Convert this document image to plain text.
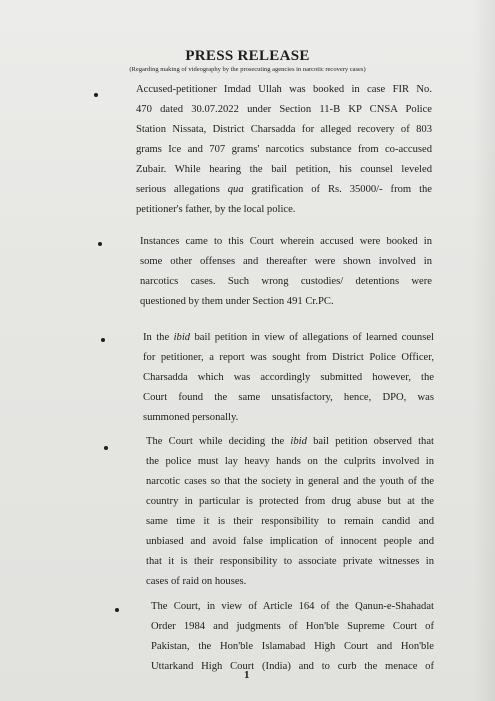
PRESS RELEASE
(Regarding making of videography by the prosecuting agencies in narcotic recovery cases)
Accused-petitioner Imdad Ullah was booked in case FIR No.
470 dated 30.07.2022 under Section 11-B KP CNSA Police
Station Nissata, District Charsadda for alleged recovery of 803
grams Ice and 707 grams' narcotics substance from co-accused
Zubair. While hearing the bail petition, his counsel leveled
serious allegations qua gratification of Rs. 35000/- from the
petitioner's father, by the local police.
Instances came to this Court wherein accused were booked in
some other offenses and thereafter were shown involved in
narcotics cases. Such wrong custodies/ detentions were
questioned by them under Section 491 Cr.PC.
In the ibid bail petition in view of allegations of learned counsel
for petitioner, a report was sought from District Police Officer,
Charsadda which was accordingly submitted however, the
Court found the same unsatisfactory, hence, DPO, was
summoned personally.
The Court while deciding the ibid bail petition observed that
the police must lay heavy hands on the culprits involved in
narcotic cases so that the society in general and the youth of the
country in particular is protected from drug abuse but at the
same time it is their responsibility to remain candid and
unbiased and avoid false implication of innocent people and
that it is their responsibility to associate private witnesses in
cases of raid on houses.
The Court, in view of Article 164 of the Qanun-e-Shahadat
Order 1984 and judgments of Hon'ble Supreme Court of
Pakistan, the Hon'ble Islamabad High Court and Hon'ble
Uttarkand High Court (India) and to curb the menace of
1
